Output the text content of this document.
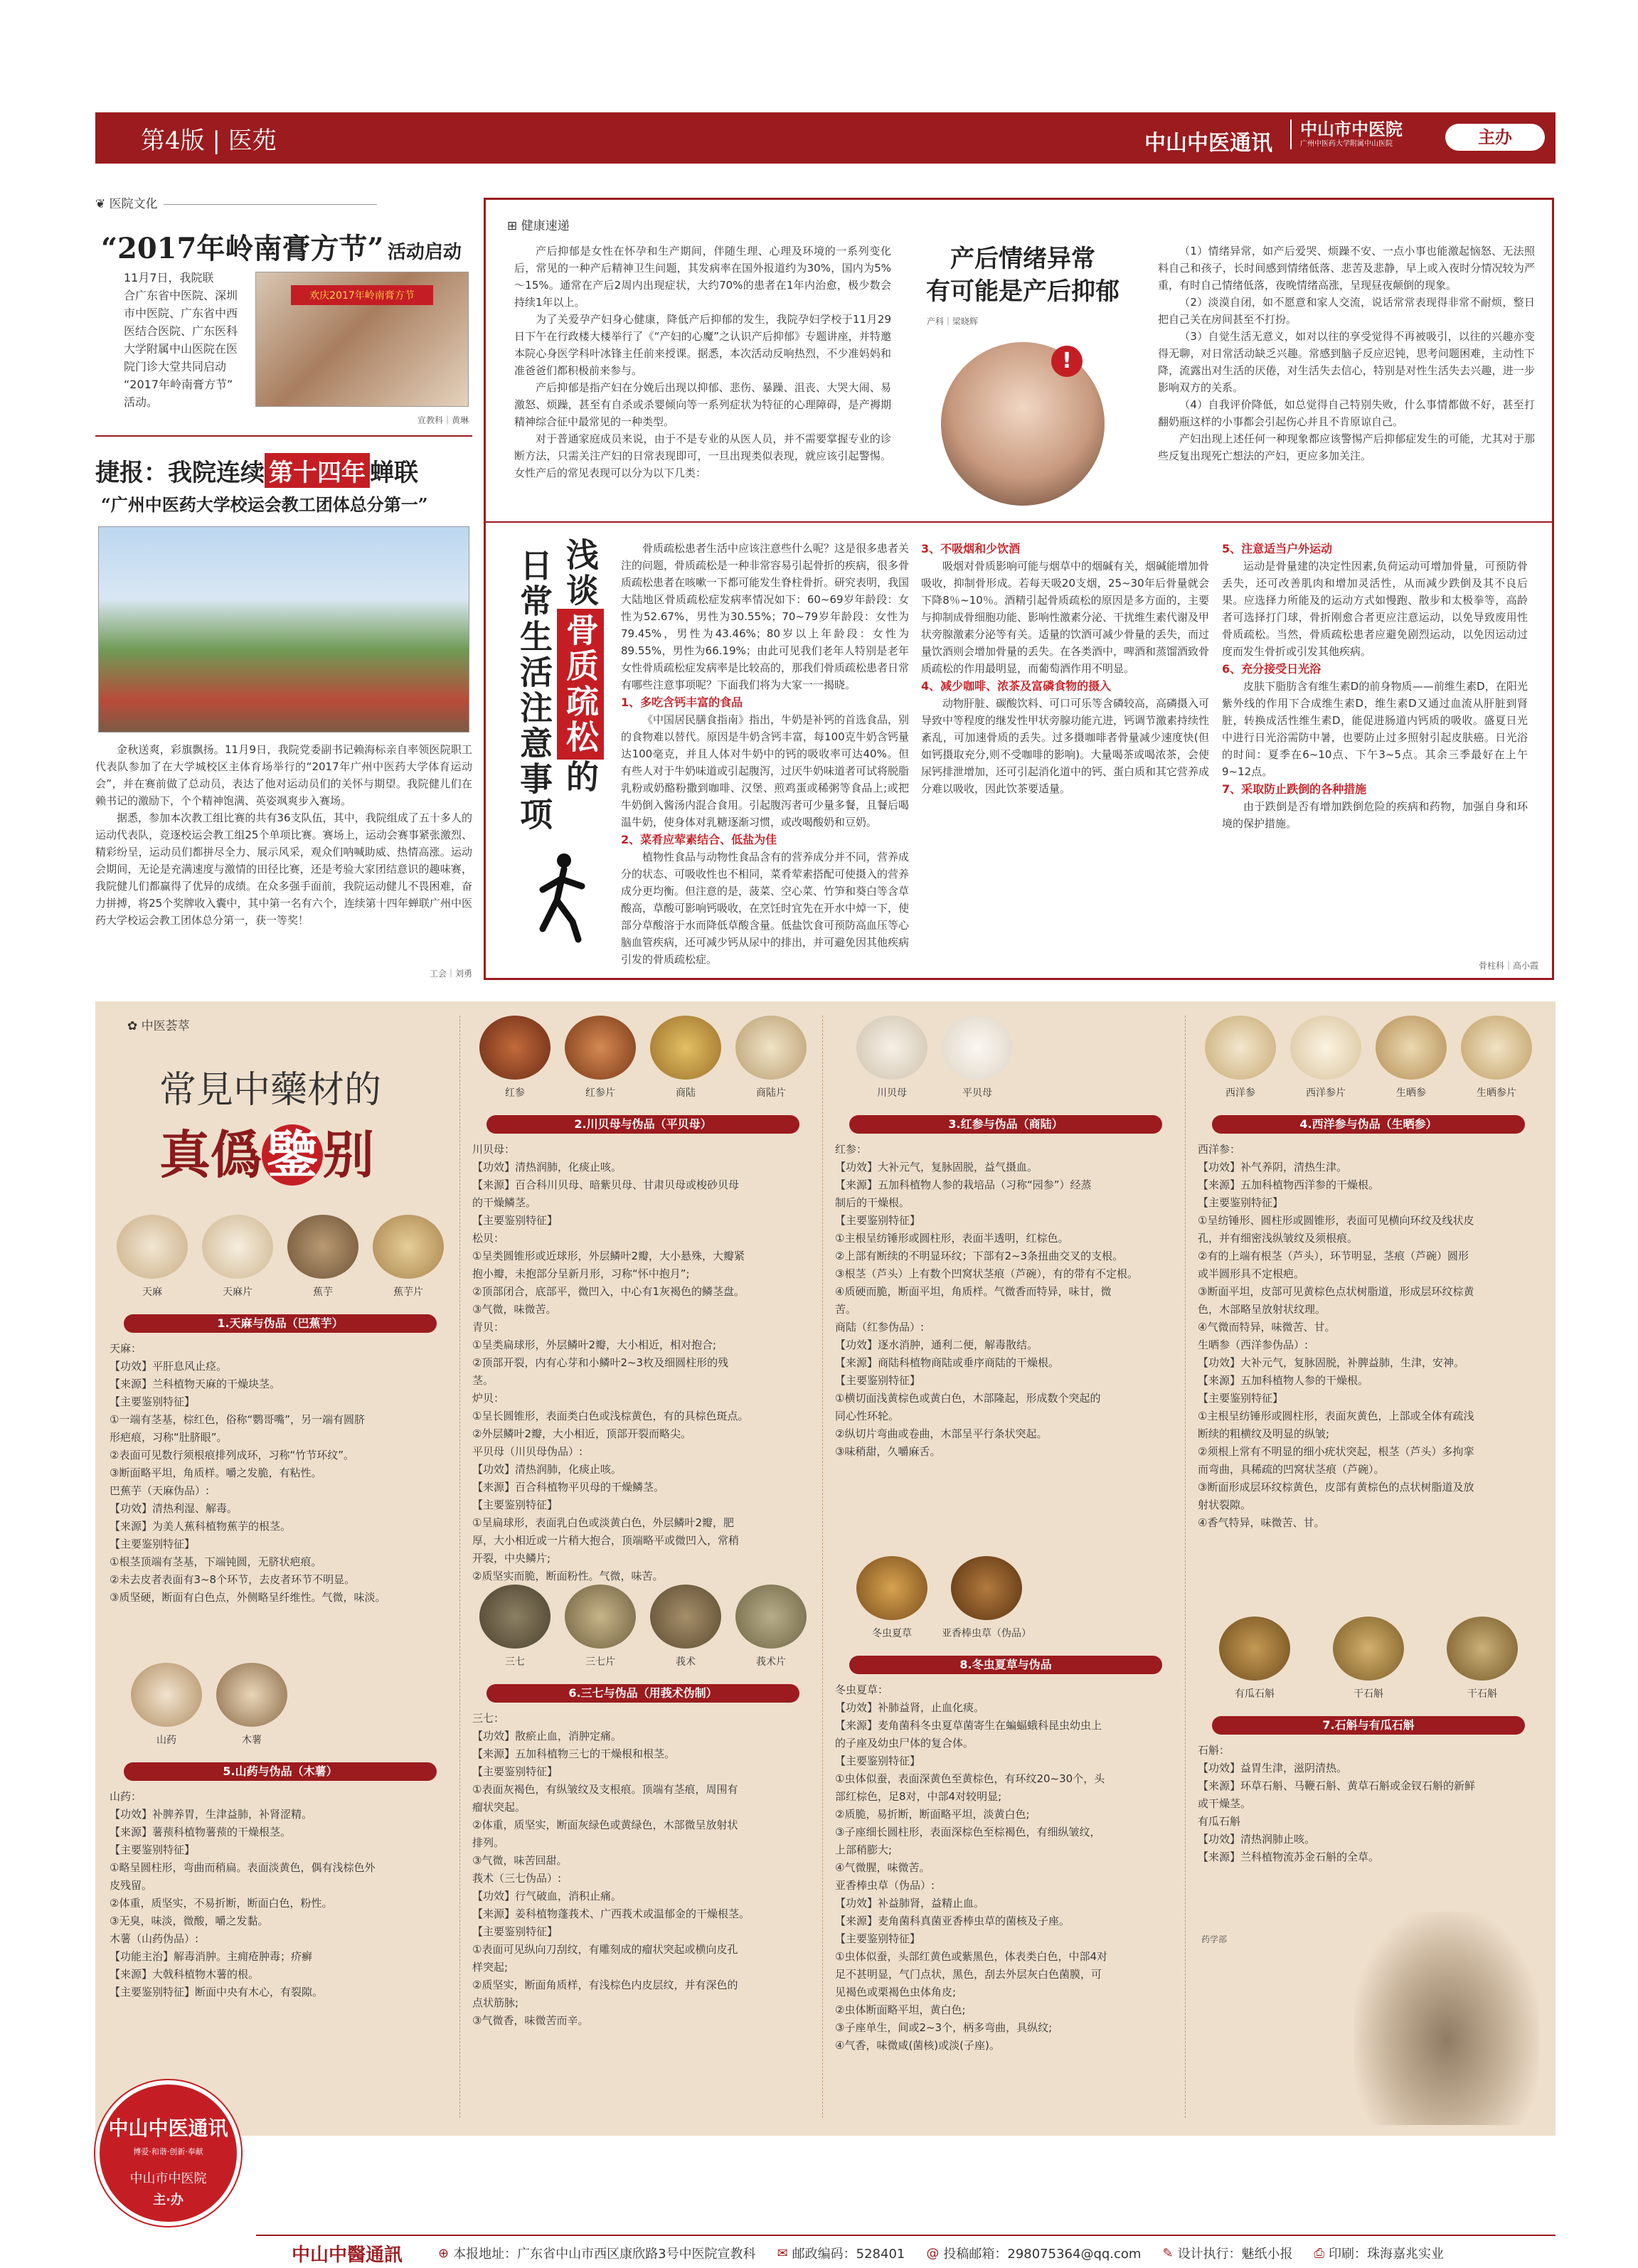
第4版 | 医苑	中山中医通讯
中山市中医院
广州中医药大学附属中山医院	主办
❦ 医院文化
“2017年岭南膏方节” 活动启动
11月7日，我院联
合广东省中医院、深圳
市中医院、广东省中西
医结合医院、广东医科
大学附属中山医院在医
院门诊大堂共同启动
“2017年岭南膏方节”
活动。
欢庆2017年岭南膏方节
宣教科｜黄琳
捷报：我院连续 第十四年 蝉联
“广州中医药大学校运会教工团体总分第一”

金秋送爽，彩旗飘扬。11月9日，我院党委副书记赖海标亲自率领医院职工代表队参加了在大学城校区主体育场举行的“2017年广州中医药大学体育运动会”，并在赛前做了总动员，表达了他对运动员们的关怀与期望。我院健儿们在赖书记的激励下，个个精神饱满、英姿飒爽步入赛场。

据悉，参加本次教工组比赛的共有36支队伍，其中，我院组成了五十多人的运动代表队，竞逐校运会教工组25个单项比赛。赛场上，运动会赛事紧张激烈、精彩纷呈，运动员们都拼尽全力、展示风采，观众们呐喊助威、热情高涨。运动会期间，无论是充满速度与激情的田径比赛，还是考验大家团结意识的趣味赛，我院健儿们都赢得了优异的成绩。在众多强手面前，我院运动健儿不畏困难，奋力拼搏，将25个奖牌收入囊中，其中第一名有六个，连续第十四年蝉联广州中医药大学校运会教工团体总分第一，获一等奖！

工会｜刘勇
⊞ 健康速递

产后抑郁是女性在怀孕和生产期间，伴随生理、心理及环境的一系列变化后，常见的一种产后精神卫生问题，其发病率在国外报道约为30%，国内为5%～15%。通常在产后2周内出现症状，大约70%的患者在1年内治愈，极少数会持续1年以上。

为了关爱孕产妇身心健康，降低产后抑郁的发生，我院孕妇学校于11月29日下午在行政楼大楼举行了《“产妇的心魔”之认识产后抑郁》专题讲座，并特邀本院心身医学科叶冰锋主任前来授课。据悉，本次活动反响热烈，不少准妈妈和准爸爸们都积极前来参与。

产后抑郁是指产妇在分娩后出现以抑郁、悲伤、暴躁、沮丧、大哭大闹、易激怒、烦躁，甚至有自杀或杀婴倾向等一系列症状为特征的心理障碍，是产褥期精神综合征中最常见的一种类型。

对于普通家庭成员来说，由于不是专业的从医人员，并不需要掌握专业的诊断方法，只需关注产妇的日常表现即可，一旦出现类似表现，就应该引起警惕。女性产后的常见表现可以分为以下几类：

产后情绪异常
有可能是产后抑郁
产科｜梁晓辉
!

（1）情绪异常，如产后爱哭、烦躁不安、一点小事也能激起恼怒、无法照料自己和孩子，长时间感到情绪低落、悲苦及悲静，早上或入夜时分情况较为严重，有时自己情绪低落，夜晚情绪高涨，呈现昼夜颠倒的现象。

（2）淡漠自闭，如不愿意和家人交流，说话常常表现得非常不耐烦，整日把自己关在房间甚至不打扮。

（3）自觉生活无意义，如对以往的享受觉得不再被吸引，以往的兴趣亦变得无聊，对日常活动缺乏兴趣。常感到脑子反应迟钝，思考问题困难，主动性下降，流露出对生活的厌倦，对生活失去信心，特别是对性生活失去兴趣，进一步影响双方的关系。

（4）自我评价降低，如总觉得自己特别失败，什么事情都做不好，甚至打翻奶瓶这样的小事都会引起伤心并且不肯原谅自己。

产妇出现上述任何一种现象都应该警惕产后抑郁症发生的可能，尤其对于那些反复出现死亡想法的产妇，更应多加关注。

浅谈骨质疏松的
日常生活注意事项	骨质疏松患者生活中应该注意些什么呢？这是很多患者关注的问题，骨质疏松是一种非常容易引起骨折的疾病，很多骨质疏松患者在咳嗽一下都可能发生脊柱骨折。研究表明，我国大陆地区骨质疏松症发病率情况如下：60~69岁年龄段：女性为52.67%，男性为30.55%；70~79岁年龄段：女性为79.45%，男性为43.46%；80岁以上年龄段：女性为89.55%，男性为66.19%；由此可见我们老年人特别是老年女性骨质疏松症发病率是比较高的，那我们骨质疏松患者日常有哪些注意事项呢？下面我们将为大家一一揭晓。

1、多吃含钙丰富的食品

《中国居民膳食指南》指出，牛奶是补钙的首选食品，别的食物难以替代。原因是牛奶含钙丰富，每100克牛奶含钙量达100毫克，并且人体对牛奶中的钙的吸收率可达40%。但有些人对于牛奶味道或引起腹泻，过厌牛奶味道者可试将脱脂乳粉或奶酪粉撒到咖啡、汉堡、煎鸡蛋或稀粥等食品上;或把牛奶倒入酱汤内混合食用。引起腹泻者可少量多餐，且餐后喝温牛奶，使身体对乳糖逐渐习惯，或改喝酸奶和豆奶。

2、菜肴应荤素结合、低盐为佳

植物性食品与动物性食品含有的营养成分并不同，营养成分的状态、可吸收性也不相同，菜肴荤素搭配可使摄入的营养成分更均衡。但注意的是，菠菜、空心菜、竹笋和葵白等含草酸高，草酸可影响钙吸收，在烹饪时宜先在开水中焯一下，使部分草酸溶于水而降低草酸含量。低盐饮食可预防高血压等心脑血管疾病，还可减少钙从尿中的排出，并可避免因其他疾病引发的骨质疏松症。

3、不吸烟和少饮酒

吸烟对骨质影响可能与烟草中的烟碱有关，烟碱能增加骨吸收，抑制骨形成。若每天吸20支烟，25~30年后骨量就会下降8％~10％。酒精引起骨质疏松的原因是多方面的，主要与抑制成骨细胞功能、影响性激素分泌、干扰维生素代谢及甲状旁腺激素分泌等有关。适量的饮酒可减少骨量的丢失，而过量饮酒则会增加骨量的丢失。在各类酒中，啤酒和蒸馏酒致骨质疏松的作用最明显，而葡萄酒作用不明显。

4、减少咖啡、浓茶及富磷食物的摄入

动物肝脏、碳酸饮料、可口可乐等含磷较高，高磷摄入可导致中等程度的继发性甲状旁腺功能亢进，钙调节激素持续性紊乱，可加速骨质的丢失。过多摄咖啡者骨量减少速度快(但如钙摄取充分,则不受咖啡的影响)。大量喝茶或喝浓茶，会使尿钙排泄增加，还可引起消化道中的钙、蛋白质和其它营养成分难以吸收，因此饮茶要适量。

5、注意适当户外运动

运动是骨量建的决定性因素,负荷运动可增加骨量，可预防骨丢失，还可改善肌肉和增加灵活性，从而减少跌倒及其不良后果。应选择力所能及的运动方式如慢跑、散步和太极拳等，高龄者可选择打门球，骨折刚愈合者更应注意运动，以免导致废用性骨质疏松。当然，骨质疏松患者应避免剧烈运动，以免因运动过度而发生骨折或引发其他疾病。

6、充分接受日光浴

皮肤下脂肪含有维生素D的前身物质——前维生素D，在阳光紫外线的作用下合成维生素D，维生素D又通过血流从肝脏到肾脏，转换成活性维生素D，能促进肠道内钙质的吸收。盛夏日光中进行日光浴需防中暑，也要防止过多照射引起皮肤癌。日光浴的时间：夏季在6~10点、下午3~5点。其余三季最好在上午9~12点。

7、采取防止跌倒的各种措施

由于跌倒是否有增加跌倒危险的疾病和药物，加强自身和环境的保护措施。

骨柱科｜高小霞
✿ 中医荟萃
常見中藥材的
真僞鑒别
天麻	天麻片	蕉芋	蕉芋片
1.天麻与伪品（巴蕉芋）
天麻：
【功效】平肝息风止痉。
【来源】兰科植物天麻的干燥块茎。
【主要鉴别特征】
①一端有茎基，棕红色，俗称“鹦哥嘴”，另一端有圆脐
形疤痕，习称“肚脐眼”。
②表面可见数行须根痕排列成环，习称“竹节环纹”。
③断面略平坦，角质样。嚼之发脆，有粘性。
巴蕉芋（天麻伪品）:
【功效】清热利湿、解毒。
【来源】为美人蕉科植物蕉芋的根茎。
【主要鉴别特征】
①根茎顶端有茎基，下端钝圆，无脐状疤痕。
②未去皮者表面有3~8个环节，去皮者环节不明显。
③质坚硬，断面有白色点，外侧略呈纤维性。气微，味淡。
山药	木薯
5.山药与伪品（木薯）
山药：
【功效】补脾养胃，生津益肺，补肾涩精。
【来源】薯蓣科植物薯蓣的干燥根茎。
【主要鉴别特征】
①略呈圆柱形，弯曲而稍扁。表面淡黄色，偶有浅棕色外
皮残留。
②体重，质坚实，不易折断，断面白色，粉性。
③无臭，味淡，微酸，嚼之发黏。
木薯（山药伪品）:
【功能主治】解毒消肿。主痈疮肿毒；疥癣
【来源】大戟科植物木薯的根。
【主要鉴别特征】断面中央有木心，有裂隙。
红参	红参片	商陆	商陆片
2.川贝母与伪品（平贝母）
川贝母：
【功效】清热润肺，化痰止咳。
【来源】百合科川贝母、暗紫贝母、甘肃贝母或梭砂贝母
的干燥鳞茎。
【主要鉴别特征】
松贝：
①呈类圆锥形或近球形，外层鳞叶2瓣，大小悬殊，大瓣紧
抱小瓣，未抱部分呈新月形，习称“怀中抱月”;
②顶部闭合，底部平，微凹入，中心有1灰褐色的鳞茎盘。
③气微，味微苦。
青贝：
①呈类扁球形，外层鳞叶2瓣，大小相近，相对抱合;
②顶部开裂，内有心芽和小鳞叶2~3枚及细圆柱形的残
茎。
炉贝：
①呈长圆锥形，表面类白色或浅棕黄色，有的具棕色斑点。
②外层鳞叶2瓣，大小相近，顶部开裂而略尖。
平贝母（川贝母伪品）:
【功效】清热润肺，化痰止咳。
【来源】百合科植物平贝母的干燥鳞茎。
【主要鉴别特征】
①呈扁球形，表面乳白色或淡黄白色，外层鳞叶2瓣，肥
厚，大小相近或一片稍大抱合，顶端略平或微凹入，常稍
开裂，中央鳞片;
②质坚实而脆，断面粉性。气微，味苦。
三七	三七片	莪术	莪术片
6.三七与伪品（用莪术伪制）
三七：
【功效】散瘀止血，消肿定痛。
【来源】五加科植物三七的干燥根和根茎。
【主要鉴别特征】
①表面灰褐色，有纵皱纹及支根痕。顶端有茎痕，周围有
瘤状突起。
②体重，质坚实，断面灰绿色或黄绿色，木部微呈放射状
排列。
③气微，味苦回甜。
莪术（三七伪品）:
【功效】行气破血，消积止痛。
【来源】姜科植物蓬莪术、广西莪术或温郁金的干燥根茎。
【主要鉴别特征】
①表面可见纵向刀刮纹，有雕刻成的瘤状突起或横向皮孔
样突起;
②质坚实，断面角质样，有浅棕色内皮层纹，并有深色的
点状筋脉;
③气微香，味微苦而辛。
川贝母	平贝母
3.红参与伪品（商陆）
红参：
【功效】大补元气，复脉固脱，益气摄血。
【来源】五加科植物人参的栽培品（习称“园参”）经蒸
制后的干燥根。
【主要鉴别特征】
①主根呈纺锤形或圆柱形，表面半透明，红棕色。
②上部有断续的不明显环纹；下部有2~3条扭曲交叉的支根。
③根茎（芦头）上有数个凹窝状茎痕（芦碗），有的带有不定根。
④质硬而脆，断面平坦，角质样。气微香而特异，味甘，微
苦。
商陆（红参伪品）:
【功效】逐水消肿，通利二便，解毒散结。
【来源】商陆科植物商陆或垂序商陆的干燥根。
【主要鉴别特征】
①横切面浅黄棕色或黄白色，木部隆起，形成数个突起的
同心性环轮。
②纵切片弯曲或卷曲，木部呈平行条状突起。
③味稍甜，久嚼麻舌。
冬虫夏草	亚香棒虫草（伪品）
8.冬虫夏草与伪品
冬虫夏草：
【功效】补肺益肾，止血化痰。
【来源】麦角菌科冬虫夏草菌寄生在蝙蝠蛾科昆虫幼虫上
的子座及幼虫尸体的复合体。
【主要鉴别特征】
①虫体似蚕，表面深黄色至黄棕色，有环纹20~30个，头
部红棕色，足8对，中部4对较明显;
②质脆，易折断，断面略平坦，淡黄白色;
③子座细长圆柱形，表面深棕色至棕褐色，有细纵皱纹，
上部稍膨大;
④气微腥，味微苦。
亚香棒虫草（伪品）:
【功效】补益肺肾，益精止血。
【来源】麦角菌科真菌亚香棒虫草的菌核及子座。
【主要鉴别特征】
①虫体似蚕，头部红黄色或紫黑色，体表类白色，中部4对
足不甚明显，气门点状，黑色，刮去外层灰白色菌膜，可
见褐色或栗褐色虫体角皮;
②虫体断面略平坦，黄白色;
③子座单生，间或2~3个，柄多弯曲，具纵纹;
④气香，味微咸(菌核)或淡(子座)。
西洋参	西洋参片	生晒参	生晒参片
4.西洋参与伪品（生晒参）
西洋参：
【功效】补气养阴，清热生津。
【来源】五加科植物西洋参的干燥根。
【主要鉴别特征】
①呈纺锤形、圆柱形或圆锥形，表面可见横向环纹及线状皮
孔，并有细密浅纵皱纹及须根痕。
②有的上端有根茎（芦头），环节明显，茎痕（芦碗）圆形
或半圆形具不定根疤。
③断面平坦，皮部可见黄棕色点状树脂道，形成层环纹棕黄
色，木部略呈放射状纹理。
④气微而特异，味微苦、甘。
生晒参（西洋参伪品）:
【功效】大补元气，复脉固脱，补脾益肺，生津，安神。
【来源】五加科植物人参的干燥根。
【主要鉴别特征】
①主根呈纺锤形或圆柱形，表面灰黄色，上部或全体有疏浅
断续的粗横纹及明显的纵皱;
②须根上常有不明显的细小疣状突起，根茎（芦头）多拘挛
而弯曲，具稀疏的凹窝状茎痕（芦碗）。
③断面形成层环纹棕黄色，皮部有黄棕色的点状树脂道及放
射状裂隙。
④香气特异，味微苦、甘。
有瓜石斛	干石斛	干石斛
7.石斛与有瓜石斛
石斛：
【功效】益胃生津，滋阴清热。
【来源】环草石斛、马鞭石斛、黄草石斛或金钗石斛的新鲜
或干燥茎。
有瓜石斛
【功效】清热润肺止咳。
【来源】兰科植物流苏金石斛的全草。
药学部
中山中医通讯
博爱·和谐·创新·奉献
中山市中医院
主·办
中山中醫通訊	⊕ 本报地址：广东省中山市西区康欣路3号中医院宣教科 ✉ 邮政编码：528401 @ 投稿邮箱：298075364@qq.com ✎ 设计执行：魅纸小报 ⎙ 印刷：珠海嘉兆实业
